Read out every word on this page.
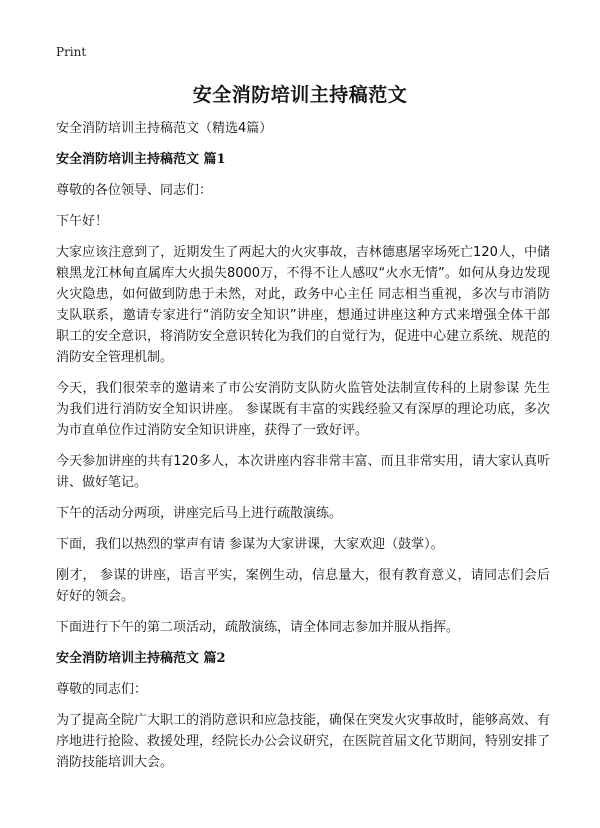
Print
安全消防培训主持稿范文

安全消防培训主持稿范文（精选4篇）

安全消防培训主持稿范文 篇1

尊敬的各位领导、同志们：

下午好！

大家应该注意到了，近期发生了两起大的火灾事故，吉林德惠屠宰场死亡120人，中储粮黑龙江林甸直属库大火损失8000万，不得不让人感叹“火水无情”。如何从身边发现火灾隐患，如何做到防患于未然，对此，政务中心主任 同志相当重视，多次与市消防支队联系，邀请专家进行“消防安全知识”讲座，想通过讲座这种方式来增强全体干部职工的安全意识，将消防安全意识转化为我们的自觉行为，促进中心建立系统、规范的消防安全管理机制。

今天，我们很荣幸的邀请来了市公安消防支队防火监管处法制宣传科的上尉参谋 先生为我们进行消防安全知识讲座。 参谋既有丰富的实践经验又有深厚的理论功底，多次为市直单位作过消防安全知识讲座，获得了一致好评。

今天参加讲座的共有120多人，本次讲座内容非常丰富、而且非常实用，请大家认真听讲、做好笔记。

下午的活动分两项，讲座完后马上进行疏散演练。

下面，我们以热烈的掌声有请 参谋为大家讲课，大家欢迎（鼓掌）。

刚才， 参谋的讲座，语言平实，案例生动，信息量大，很有教育意义，请同志们会后好好的领会。

下面进行下午的第二项活动，疏散演练，请全体同志参加并服从指挥。

安全消防培训主持稿范文 篇2

尊敬的同志们：

为了提高全院广大职工的消防意识和应急技能，确保在突发火灾事故时，能够高效、有序地进行抢险、救援处理，经院长办公会议研究，在医院首届文化节期间，特别安排了消防技能培训大会。
